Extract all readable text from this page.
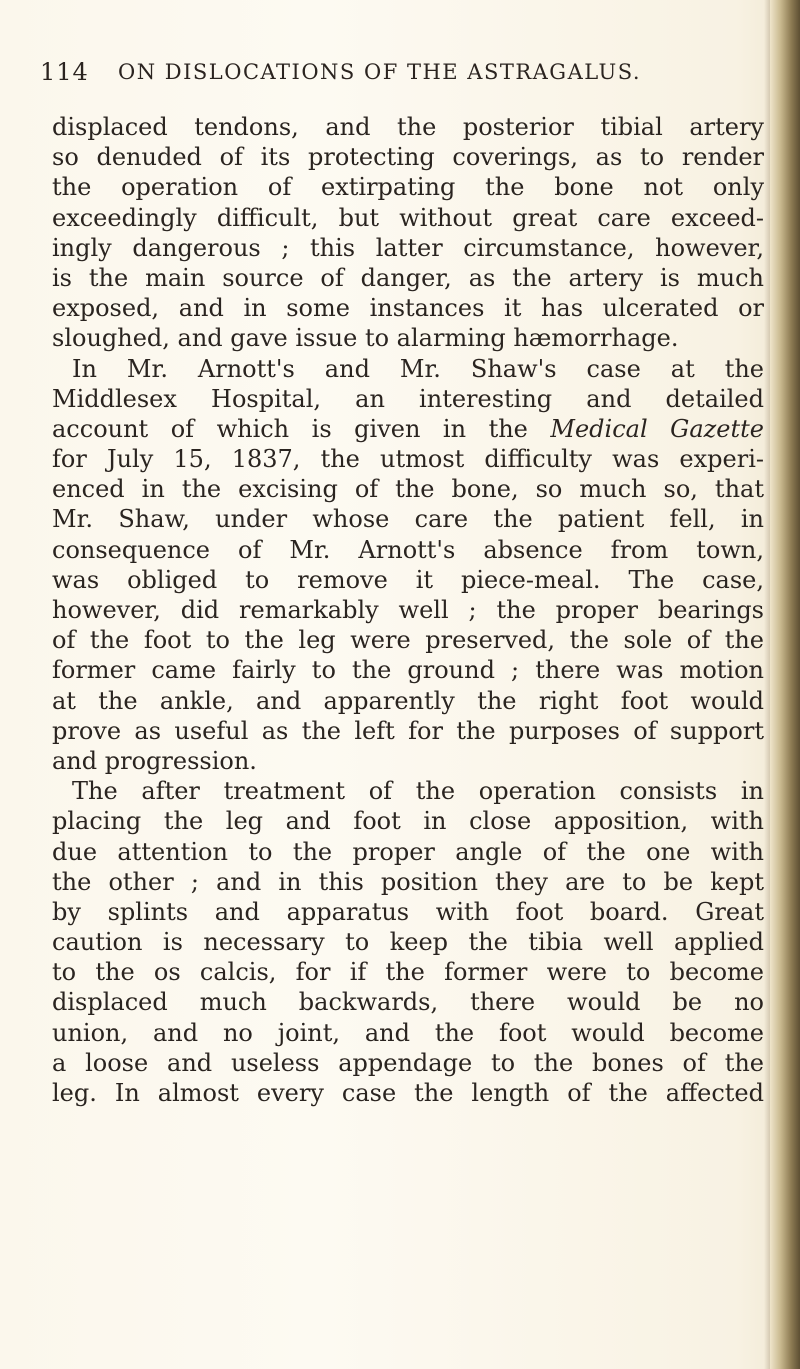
114 ON DISLOCATIONS OF THE ASTRAGALUS.
displaced tendons, and the posterior tibial artery
so denuded of its protecting coverings, as to render
the operation of extirpating the bone not only
exceedingly difficult, but without great care exceed-
ingly dangerous ; this latter circumstance, however,
is the main source of danger, as the artery is much
exposed, and in some instances it has ulcerated or
sloughed, and gave issue to alarming hæmorrhage.
In Mr. Arnott's and Mr. Shaw's case at the
Middlesex Hospital, an interesting and detailed
account of which is given in the Medical Gazette
for July 15, 1837, the utmost difficulty was experi-
enced in the excising of the bone, so much so, that
Mr. Shaw, under whose care the patient fell, in
consequence of Mr. Arnott's absence from town,
was obliged to remove it piece-meal. The case,
however, did remarkably well ; the proper bearings
of the foot to the leg were preserved, the sole of the
former came fairly to the ground ; there was motion
at the ankle, and apparently the right foot would
prove as useful as the left for the purposes of support
and progression.
The after treatment of the operation consists in
placing the leg and foot in close apposition, with
due attention to the proper angle of the one with
the other ; and in this position they are to be kept
by splints and apparatus with foot board. Great
caution is necessary to keep the tibia well applied
to the os calcis, for if the former were to become
displaced much backwards, there would be no
union, and no joint, and the foot would become
a loose and useless appendage to the bones of the
leg. In almost every case the length of the affected
